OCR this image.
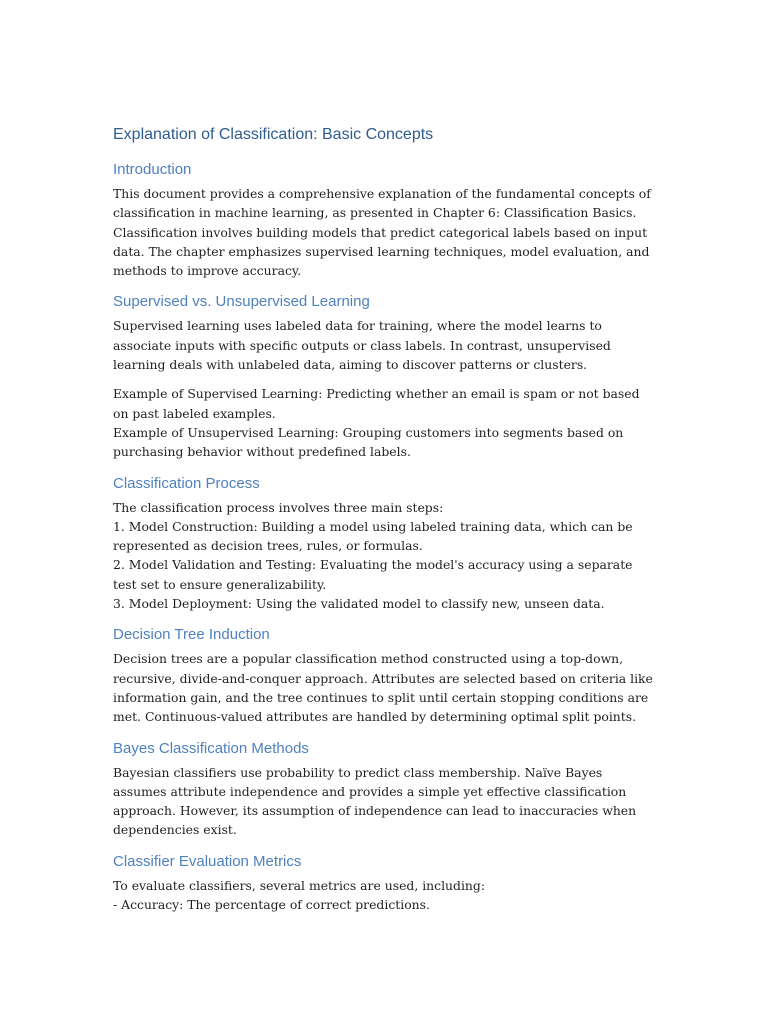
Explanation of Classification: Basic Concepts
Introduction

This document provides a comprehensive explanation of the fundamental concepts of classification in machine learning, as presented in Chapter 6: Classification Basics. Classification involves building models that predict categorical labels based on input data. The chapter emphasizes supervised learning techniques, model evaluation, and methods to improve accuracy.

Supervised vs. Unsupervised Learning

Supervised learning uses labeled data for training, where the model learns to associate inputs with specific outputs or class labels. In contrast, unsupervised learning deals with unlabeled data, aiming to discover patterns or clusters.

Example of Supervised Learning: Predicting whether an email is spam or not based on past labeled examples.

Example of Unsupervised Learning: Grouping customers into segments based on purchasing behavior without predefined labels.

Classification Process

The classification process involves three main steps:

1. Model Construction: Building a model using labeled training data, which can be represented as decision trees, rules, or formulas.

2. Model Validation and Testing: Evaluating the model's accuracy using a separate test set to ensure generalizability.

3. Model Deployment: Using the validated model to classify new, unseen data.

Decision Tree Induction

Decision trees are a popular classification method constructed using a top-down, recursive, divide-and-conquer approach. Attributes are selected based on criteria like information gain, and the tree continues to split until certain stopping conditions are met. Continuous-valued attributes are handled by determining optimal split points.

Bayes Classification Methods

Bayesian classifiers use probability to predict class membership. Naïve Bayes assumes attribute independence and provides a simple yet effective classification approach. However, its assumption of independence can lead to inaccuracies when dependencies exist.

Classifier Evaluation Metrics

To evaluate classifiers, several metrics are used, including:

- Accuracy: The percentage of correct predictions.
